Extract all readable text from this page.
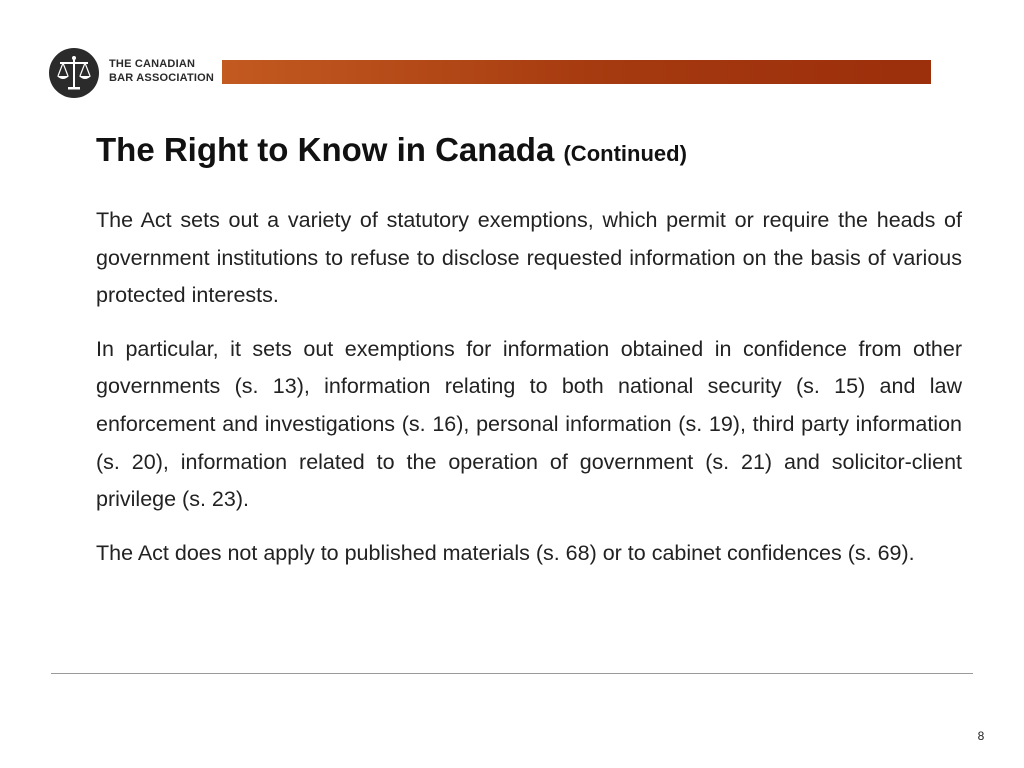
THE CANADIAN
BAR ASSOCIATION
The Right to Know in Canada (Continued)

The Act sets out a variety of statutory exemptions, which permit or require the heads of government institutions to refuse to disclose requested information on the basis of various protected interests.

In particular, it sets out exemptions for information obtained in confidence from other governments (s. 13), information relating to both national security (s. 15) and law enforcement and investigations (s. 16), personal information (s. 19), third party information (s. 20), information related to the operation of government (s. 21) and solicitor-client privilege (s. 23).

The Act does not apply to published materials (s. 68) or to cabinet confidences (s. 69).

8
